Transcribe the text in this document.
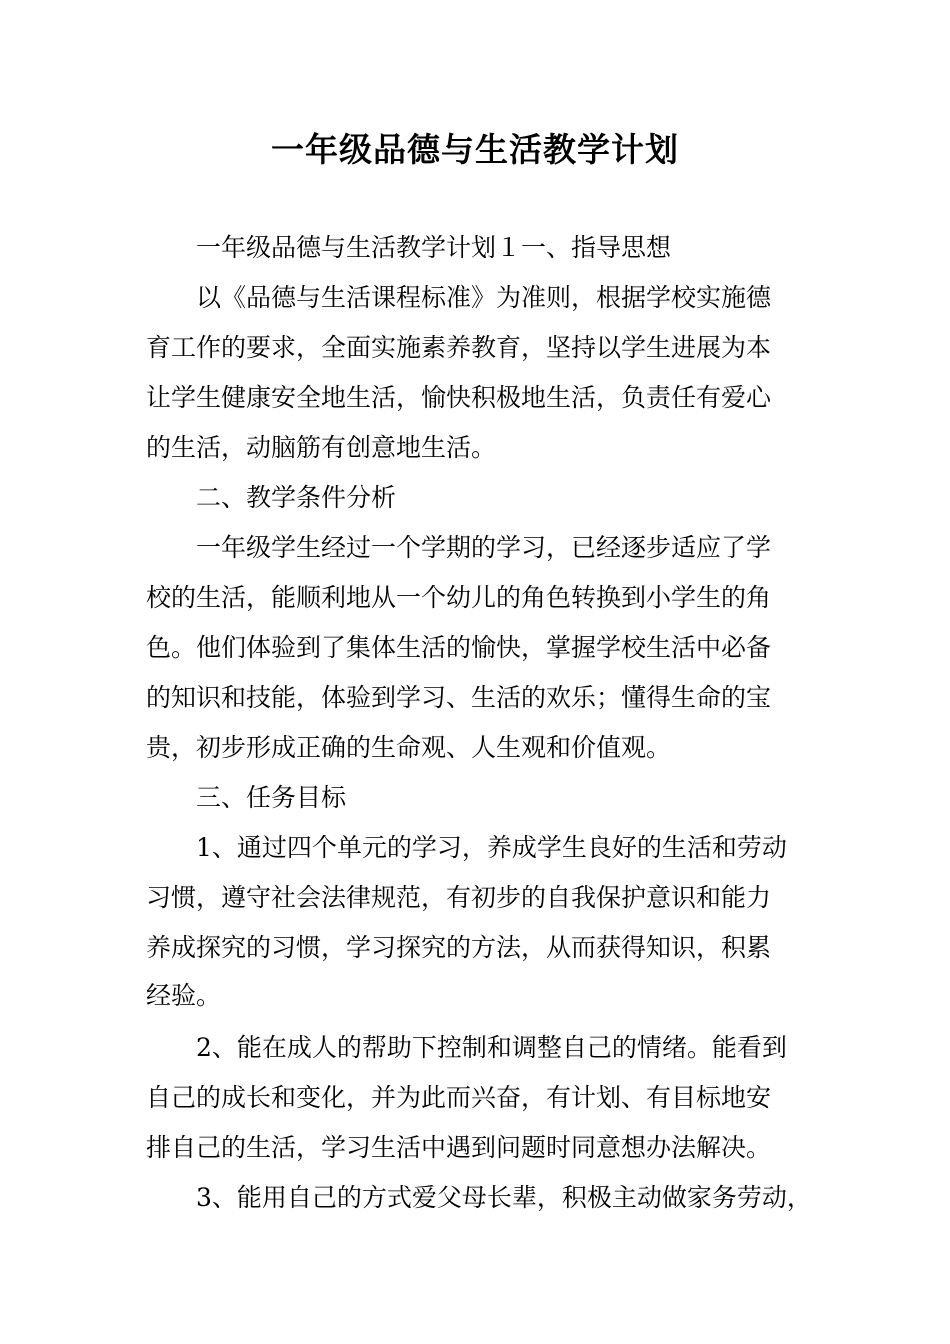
一年级品德与生活教学计划

一年级品德与生活教学计划１一、指导思想

以《品德与生活课程标准》为准则，根据学校实施德

育工作的要求，全面实施素养教育，坚持以学生进展为本

让学生健康安全地生活，愉快积极地生活，负责任有爱心

的生活，动脑筋有创意地生活。

二、教学条件分析

一年级学生经过一个学期的学习，已经逐步适应了学

校的生活，能顺利地从一个幼儿的角色转换到小学生的角

色。他们体验到了集体生活的愉快，掌握学校生活中必备

的知识和技能，体验到学习、生活的欢乐；懂得生命的宝

贵，初步形成正确的生命观、人生观和价值观。

三、任务目标

1、通过四个单元的学习，养成学生良好的生活和劳动

习惯，遵守社会法律规范，有初步的自我保护意识和能力

养成探究的习惯，学习探究的方法，从而获得知识，积累

经验。

2、能在成人的帮助下控制和调整自己的情绪。能看到

自己的成长和变化，并为此而兴奋，有计划、有目标地安

排自己的生活，学习生活中遇到问题时同意想办法解决。

3、能用自己的方式爱父母长辈，积极主动做家务劳动，
